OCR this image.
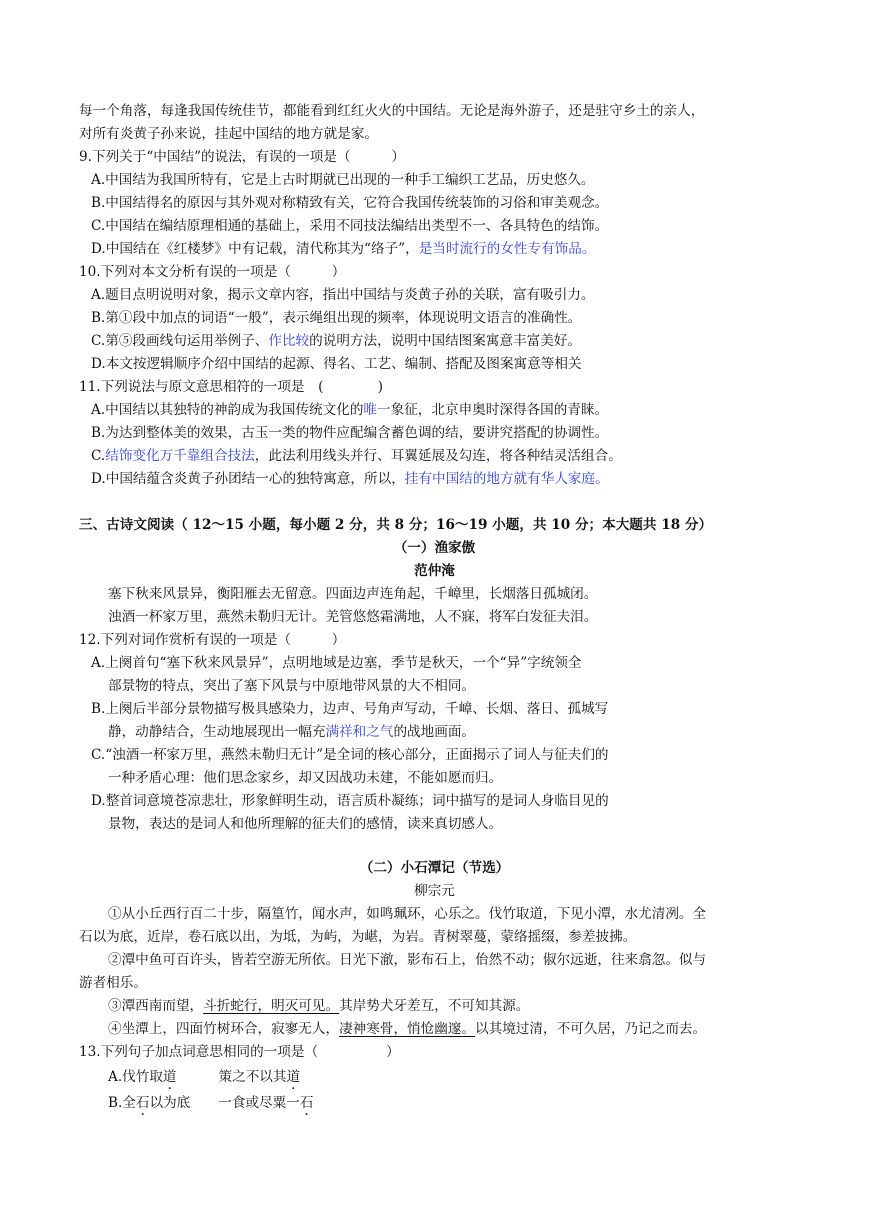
每一个角落，每逢我国传统佳节，都能看到红红火火的中国结。无论是海外游子，还是驻守乡土的亲人，
对所有炎黄子孙来说，挂起中国结的地方就是家。
9.下列关于“中国结”的说法，有误的一项是（　　　）
A.中国结为我国所特有，它是上古时期就已出现的一种手工编织工艺品，历史悠久。
B.中国结得名的原因与其外观对称精致有关，它符合我国传统装饰的习俗和审美观念。
C.中国结在编结原理相通的基础上，采用不同技法编结出类型不一、各具特色的结饰。
D.中国结在《红楼梦》中有记载，清代称其为“络子”，是当时流行的女性专有饰品。
10.下列对本文分析有误的一项是（　　　）
A.题目点明说明对象，揭示文章内容，指出中国结与炎黄子孙的关联，富有吸引力。
B.第①段中加点的词语“一般”，表示绳组出现的频率，体现说明文语言的准确性。
C.第⑤段画线句运用举例子、作比较的说明方法，说明中国结图案寓意丰富美好。
D.本文按逻辑顺序介绍中国结的起源、得名、工艺、编制、搭配及图案寓意等相关
11.下列说法与原文意思相符的一项是　(　　　　)
A.中国结以其独特的神韵成为我国传统文化的唯一象征，北京申奥时深得各国的青睐。
B.为达到整体美的效果，古玉一类的物件应配编含蓄色调的结，要讲究搭配的协调性。
C.结饰变化万千靠组合技法，此法利用线头并行、耳翼延展及勾连，将各种结灵活组合。
D.中国结蕴含炎黄子孙团结一心的独特寓意，所以，挂有中国结的地方就有华人家庭。
三、古诗文阅读（ 12～15 小题，每小题 2 分，共 8 分；16～19 小题，共 10 分；本大题共 18 分）
（一）渔家傲
范仲淹
塞下秋来风景异，衡阳雁去无留意。四面边声连角起，千嶂里，长烟落日孤城闭。
浊酒一杯家万里，燕然未勒归无计。羌管悠悠霜满地，人不寐，将军白发征夫泪。
12.下列对词作赏析有误的一项是（　　　）
A.上阕首句“塞下秋来风景异”，点明地域是边塞，季节是秋天，一个“异”字统领全
部景物的特点，突出了塞下风景与中原地带风景的大不相同。
B.上阕后半部分景物描写极具感染力，边声、号角声写动，千嶂、长烟、落日、孤城写
静，动静结合，生动地展现出一幅充满祥和之气的战地画面。
C.“浊酒一杯家万里，燕然未勒归无计”是全词的核心部分，正面揭示了词人与征夫们的
一种矛盾心理：他们思念家乡，却又因战功未建，不能如愿而归。
D.整首词意境苍凉悲壮，形象鲜明生动，语言质朴凝练；词中描写的是词人身临目见的
景物，表达的是词人和他所理解的征夫们的感情，读来真切感人。
（二）小石潭记（节选）
柳宗元
①从小丘西行百二十步，隔篁竹，闻水声，如鸣珮环，心乐之。伐竹取道，下见小潭，水尤清冽。全
石以为底，近岸，卷石底以出，为坻，为屿，为嵁，为岩。青树翠蔓，蒙络摇缀，参差披拂。
②潭中鱼可百许头，皆若空游无所依。日光下澈，影布石上，佁然不动；俶尔远逝，往来翕忽。似与
游者相乐。
③潭西南而望，斗折蛇行，明灭可见。其岸势犬牙差互，不可知其源。
④坐潭上，四面竹树环合，寂寥无人，凄神寒骨，悄怆幽邃。以其境过清，不可久居，乃记之而去。
13.下列句子加点词意思相同的一项是（　　　　　）
A.伐竹取道	策之不以其道
B.全石以为底 一食或尽粟一石
